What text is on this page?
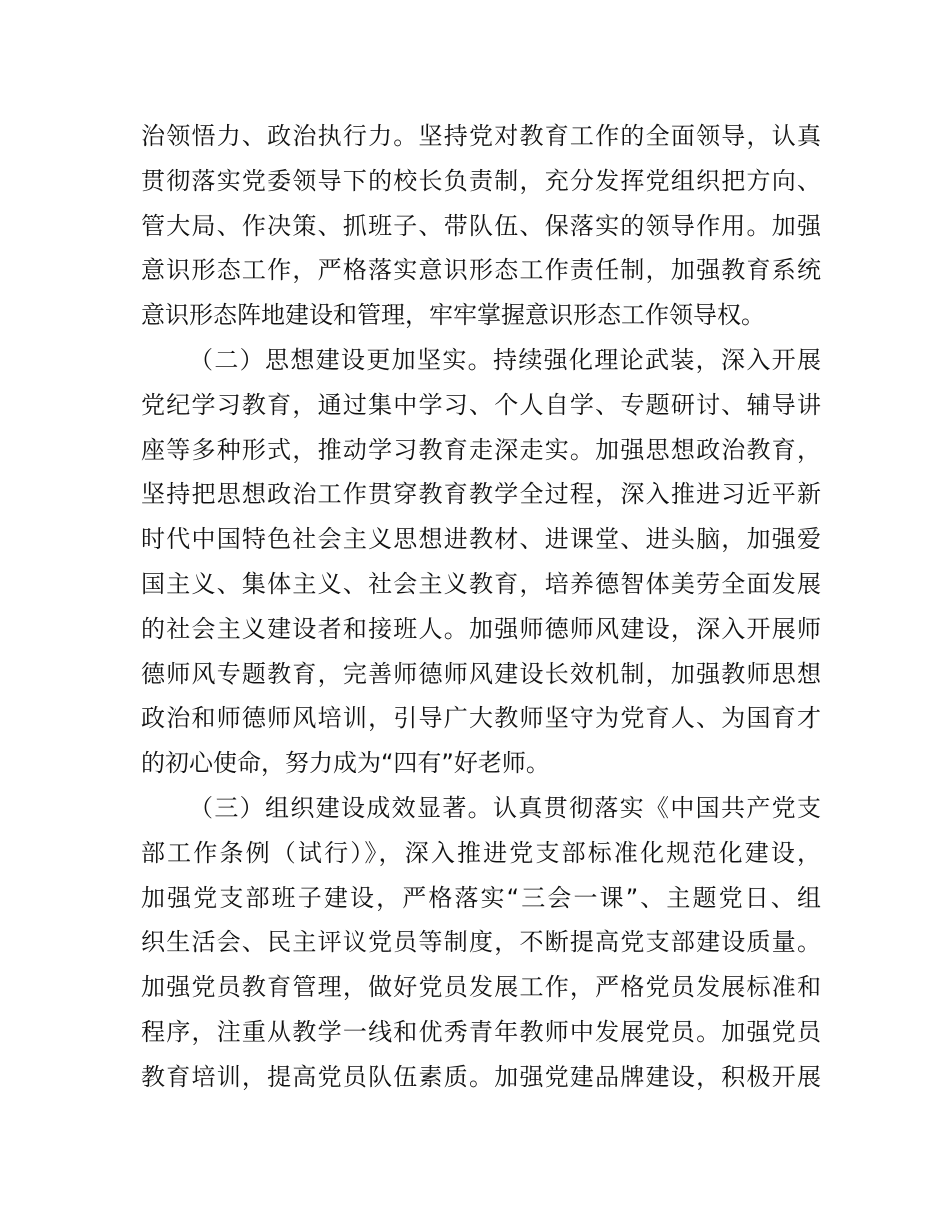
治领悟力、政治执行力。坚持党对教育工作的全面领导，认真
贯彻落实党委领导下的校长负责制，充分发挥党组织把方向、
管大局、作决策、抓班子、带队伍、保落实的领导作用。加强
意识形态工作，严格落实意识形态工作责任制，加强教育系统
意识形态阵地建设和管理，牢牢掌握意识形态工作领导权。
（二）思想建设更加坚实。持续强化理论武装，深入开展
党纪学习教育，通过集中学习、个人自学、专题研讨、辅导讲
座等多种形式，推动学习教育走深走实。加强思想政治教育，
坚持把思想政治工作贯穿教育教学全过程，深入推进习近平新
时代中国特色社会主义思想进教材、进课堂、进头脑，加强爱
国主义、集体主义、社会主义教育，培养德智体美劳全面发展
的社会主义建设者和接班人。加强师德师风建设，深入开展师
德师风专题教育，完善师德师风建设长效机制，加强教师思想
政治和师德师风培训，引导广大教师坚守为党育人、为国育才
的初心使命，努力成为“四有”好老师。
（三）组织建设成效显著。认真贯彻落实《中国共产党支
部工作条例（试行）》，深入推进党支部标准化规范化建设，
加强党支部班子建设，严格落实“三会一课”、主题党日、组
织生活会、民主评议党员等制度，不断提高党支部建设质量。
加强党员教育管理，做好党员发展工作，严格党员发展标准和
程序，注重从教学一线和优秀青年教师中发展党员。加强党员
教育培训，提高党员队伍素质。加强党建品牌建设，积极开展
